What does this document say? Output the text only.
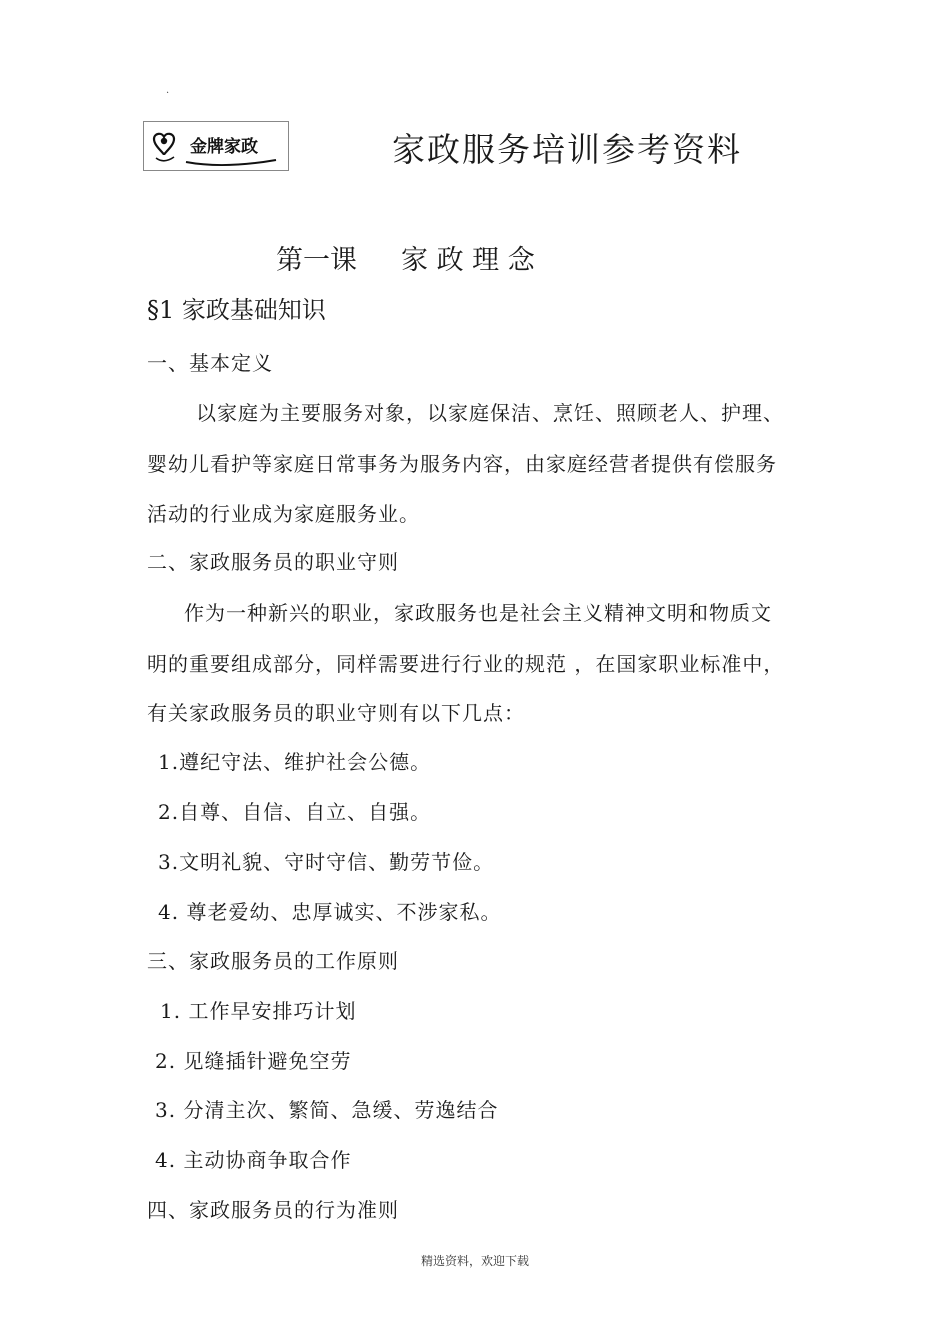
·
金牌家政	家政服务培训参考资料
第一课 家 政 理 念
§1 家政基础知识
一、基本定义
以家庭为主要服务对象，以家庭保洁、烹饪、照顾老人、护理、
婴幼儿看护等家庭日常事务为服务内容，由家庭经营者提供有偿服务
活动的行业成为家庭服务业。
二、家政服务员的职业守则
作为一种新兴的职业，家政服务也是社会主义精神文明和物质文
明的重要组成部分，同样需要进行行业的规范 ，在国家职业标准中，
有关家政服务员的职业守则有以下几点：
1.遵纪守法、维护社会公德。
2.自尊、自信、自立、自强。
3.文明礼貌、守时守信、勤劳节俭。
4. 尊老爱幼、忠厚诚实、不涉家私。
三、家政服务员的工作原则
1. 工作早安排巧计划
2. 见缝插针避免空劳
3. 分清主次、繁简、急缓、劳逸结合
4. 主动协商争取合作
四、家政服务员的行为准则
精选资料，欢迎下载
